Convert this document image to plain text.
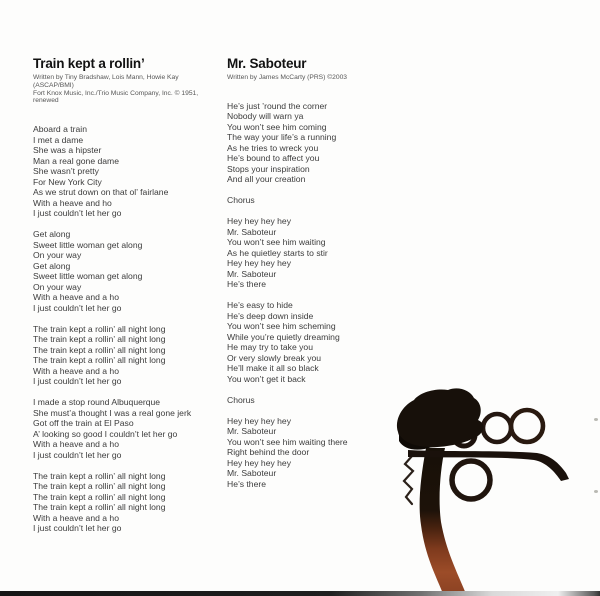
Train kept a rollin’
Written by Tiny Bradshaw, Lois Mann, Howie Kay (ASCAP/BMI)
Fort Knox Music, Inc./Trio Music Company, Inc. © 1951, renewed
Aboard a train
I met a dame
She was a hipster
Man a real gone dame
She wasn’t pretty
For New York City
As we strut down on that ol’ fairlane
With a heave and ho
I just couldn’t let her go
Get along
Sweet little woman get along
On your way
Get along
Sweet little woman get along
On your way
With a heave and a ho
I just couldn’t let her go
The train kept a rollin’ all night long
The train kept a rollin’ all night long
The train kept a rollin’ all night long
The train kept a rollin’ all night long
With a heave and a ho
I just couldn’t let her go
I made a stop round Albuquerque
She must’a thought I was a real gone jerk
Got off the train at El Paso
A’ looking so good I couldn’t let her go
With a heave and a ho
I just couldn’t let her go
The train kept a rollin’ all night long
The train kept a rollin’ all night long
The train kept a rollin’ all night long
The train kept a rollin’ all night long
With a heave and a ho
I just couldn’t let her go
Mr. Saboteur
Written by James McCarty (PRS) ©2003
He’s just ’round the corner
Nobody will warn ya
You won’t see him coming
The way your life’s a running
As he tries to wreck you
He’s bound to affect you
Stops your inspiration
And all your creation
Chorus
Hey hey hey hey
Mr. Saboteur
You won’t see him waiting
As he quietley starts to stir
Hey hey hey hey
Mr. Saboteur
He’s there
He’s easy to hide
He’s deep down inside
You won’t see him scheming
While you’re quietly dreaming
He may try to take you
Or very slowly break you
He’ll make it all so black
You won’t get it back
Chorus
Hey hey hey hey
Mr. Saboteur
You won’t see him waiting there
Right behind the door
Hey hey hey hey
Mr. Saboteur
He’s there
